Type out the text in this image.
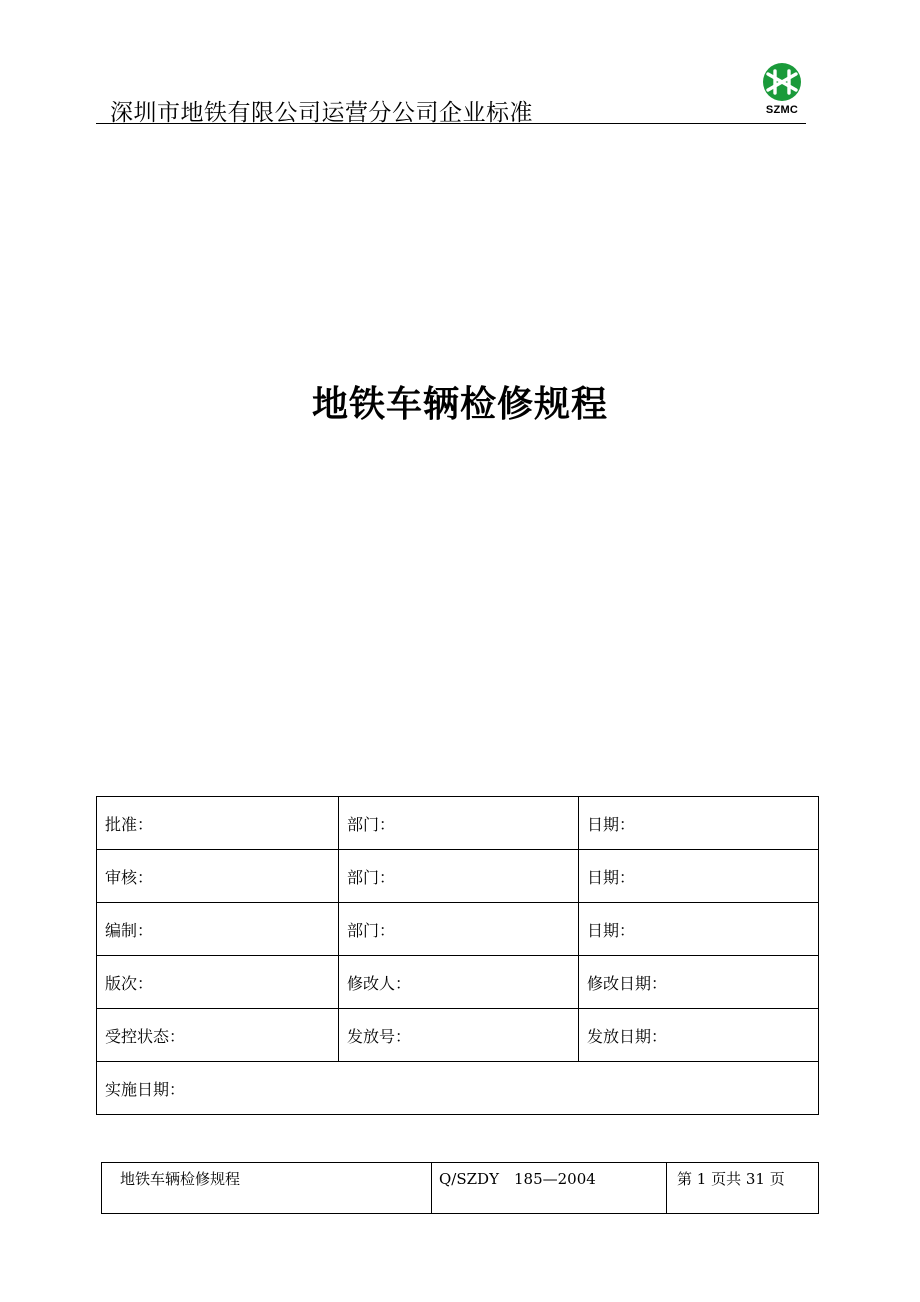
深圳市地铁有限公司运营分公司企业标准	SZMC
地铁车辆检修规程
批准：	部门：	日期：
审核：	部门：	日期：
编制：	部门：	日期：
版次：	修改人：	修改日期：
受控状态：	发放号：	发放日期：
实施日期：		
地铁车辆检修规程	Q/SZDY　185—2004	第 1 页共 31 页
